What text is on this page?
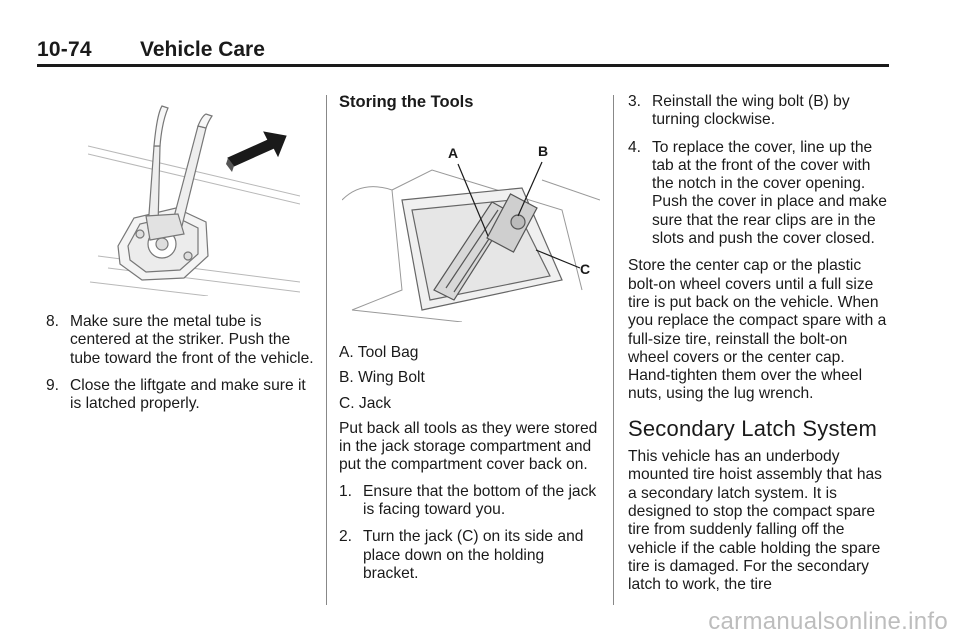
10-74 Vehicle Care
8. Make sure the metal tube is centered at the striker. Push the tube toward the front of the vehicle.
9. Close the liftgate and make sure it is latched properly.
Storing the Tools
A	B
C
A. Tool Bag
B. Wing Bolt
C. Jack

Put back all tools as they were stored in the jack storage compartment and put the compartment cover back on.

1. Ensure that the bottom of the jack is facing toward you.
2. Turn the jack (C) on its side and place down on the holding bracket.
3. Reinstall the wing bolt (B) by turning clockwise.
4. To replace the cover, line up the tab at the front of the cover with the notch in the cover opening. Push the cover in place and make sure that the rear clips are in the slots and push the cover closed.

Store the center cap or the plastic bolt-on wheel covers until a full size tire is put back on the vehicle. When you replace the compact spare with a full-size tire, reinstall the bolt-on wheel covers or the center cap. Hand-tighten them over the wheel nuts, using the lug wrench.

Secondary Latch System

This vehicle has an underbody mounted tire hoist assembly that has a secondary latch system. It is designed to stop the compact spare tire from suddenly falling off the vehicle if the cable holding the spare tire is damaged. For the secondary latch to work, the tire

carmanualsonline.info
